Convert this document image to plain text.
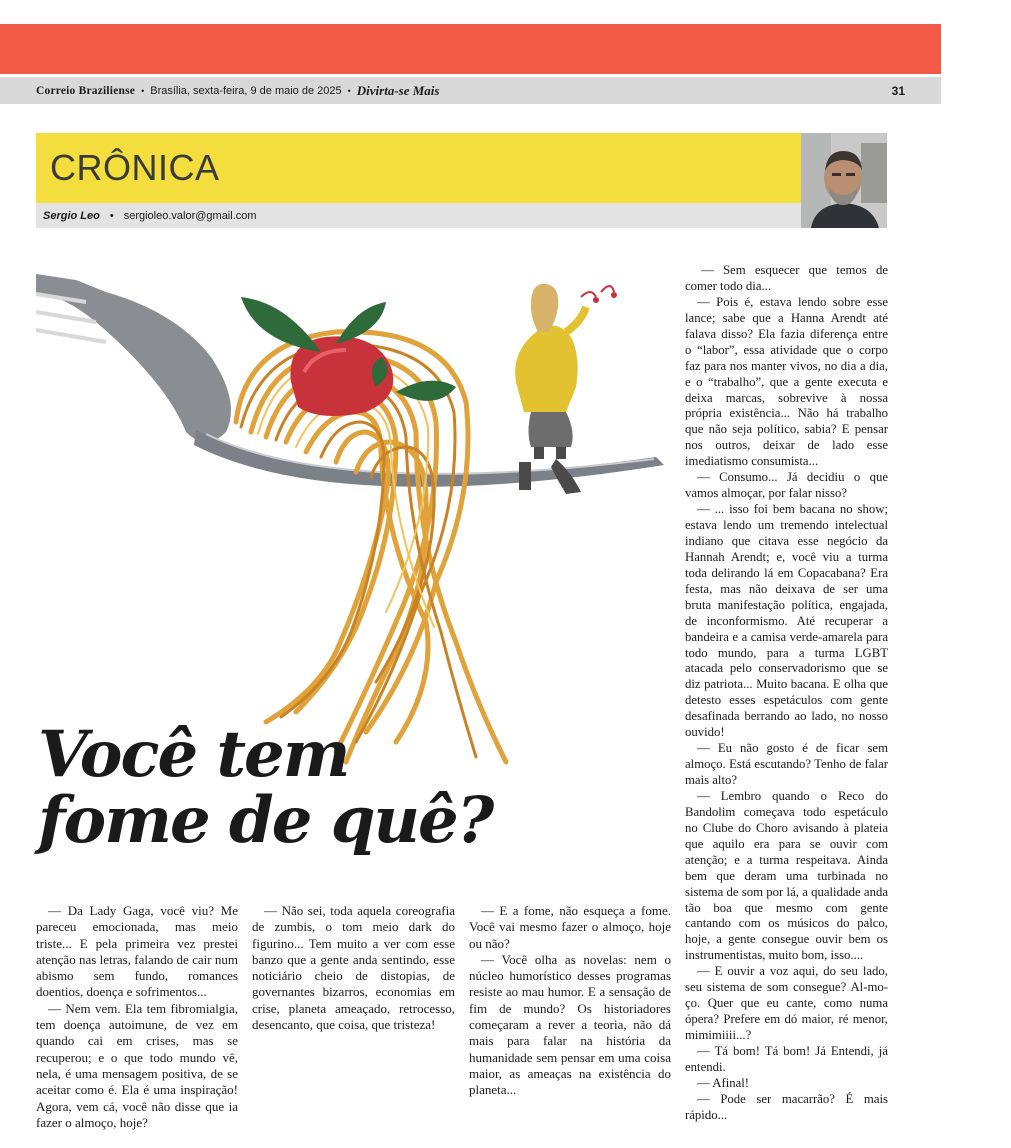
Correio Braziliense • Brasília, sexta-feira, 9 de maio de 2025 • Divirta-se Mais	31
CRÔNICA
Sergio Leo • sergioleo.valor@gmail.com
Você tem
fome de quê?

— Da Lady Gaga, você viu? Me pareceu emocionada, mas meio triste... E pela primeira vez prestei atenção nas letras, falando de cair num abismo sem fundo, romances doentios, doença e sofrimentos...

— Nem vem. Ela tem fibromialgia, tem doença autoimune, de vez em quando cai em crises, mas se recuperou; e o que todo mundo vê, nela, é uma mensagem positiva, de se aceitar como é. Ela é uma inspiração! Agora, vem cá, você não disse que ia fazer o almoço, hoje?

— Não sei, toda aquela coreografia de zumbis, o tom meio dark do figurino... Tem muito a ver com esse banzo que a gente anda sentindo, esse noticiário cheio de distopias, de governantes bizarros, economias em crise, planeta ameaçado, retrocesso, desencanto, que coisa, que tristeza!

— E a fome, não esqueça a fome. Você vai mesmo fazer o almoço, hoje ou não?

— Você olha as novelas: nem o núcleo humorístico desses programas resiste ao mau humor. E a sensação de fim de mundo? Os historiadores começaram a rever a teoria, não dá mais para falar na história da humanidade sem pensar em uma coisa maior, as ameaças na existência do planeta...

— Sem esquecer que temos de comer todo dia...

— Pois é, estava lendo sobre esse lance; sabe que a Hanna Arendt até falava disso? Ela fazia diferença entre o “labor”, essa atividade que o corpo faz para nos manter vivos, no dia a dia, e o “trabalho”, que a gente executa e deixa marcas, sobrevive à nossa própria existência... Não há trabalho que não seja político, sabia? E pensar nos outros, deixar de lado esse imediatismo consumista...

— Consumo... Já decidiu o que vamos almoçar, por falar nisso?

— ... isso foi bem bacana no show; estava lendo um tremendo intelectual indiano que citava esse negócio da Hannah Arendt; e, você viu a turma toda delirando lá em Copacabana? Era festa, mas não deixava de ser uma bruta manifestação política, engajada, de inconformismo. Até recuperar a bandeira e a camisa verde-amarela para todo mundo, para a turma LGBT atacada pelo conservadorismo que se diz patriota... Muito bacana. E olha que detesto esses espetáculos com gente desafinada berrando ao lado, no nosso ouvido!

— Eu não gosto é de ficar sem almoço. Está escutando? Tenho de falar mais alto?

— Lembro quando o Reco do Bandolim começava todo espetáculo no Clube do Choro avisando à plateia que aquilo era para se ouvir com atenção; e a turma respeitava. Ainda bem que deram uma turbinada no sistema de som por lá, a qualidade anda tão boa que mesmo com gente cantando com os músicos do palco, hoje, a gente consegue ouvir bem os instrumentistas, muito bom, isso....

— E ouvir a voz aqui, do seu lado, seu sistema de som consegue? Al-mo-ço. Quer que eu cante, como numa ópera? Prefere em dó maior, ré menor, mimimiiii...?

— Tá bom! Tá bom! Já Entendi, já entendi.

— Afinal!

— Pode ser macarrão? É mais rápido...
